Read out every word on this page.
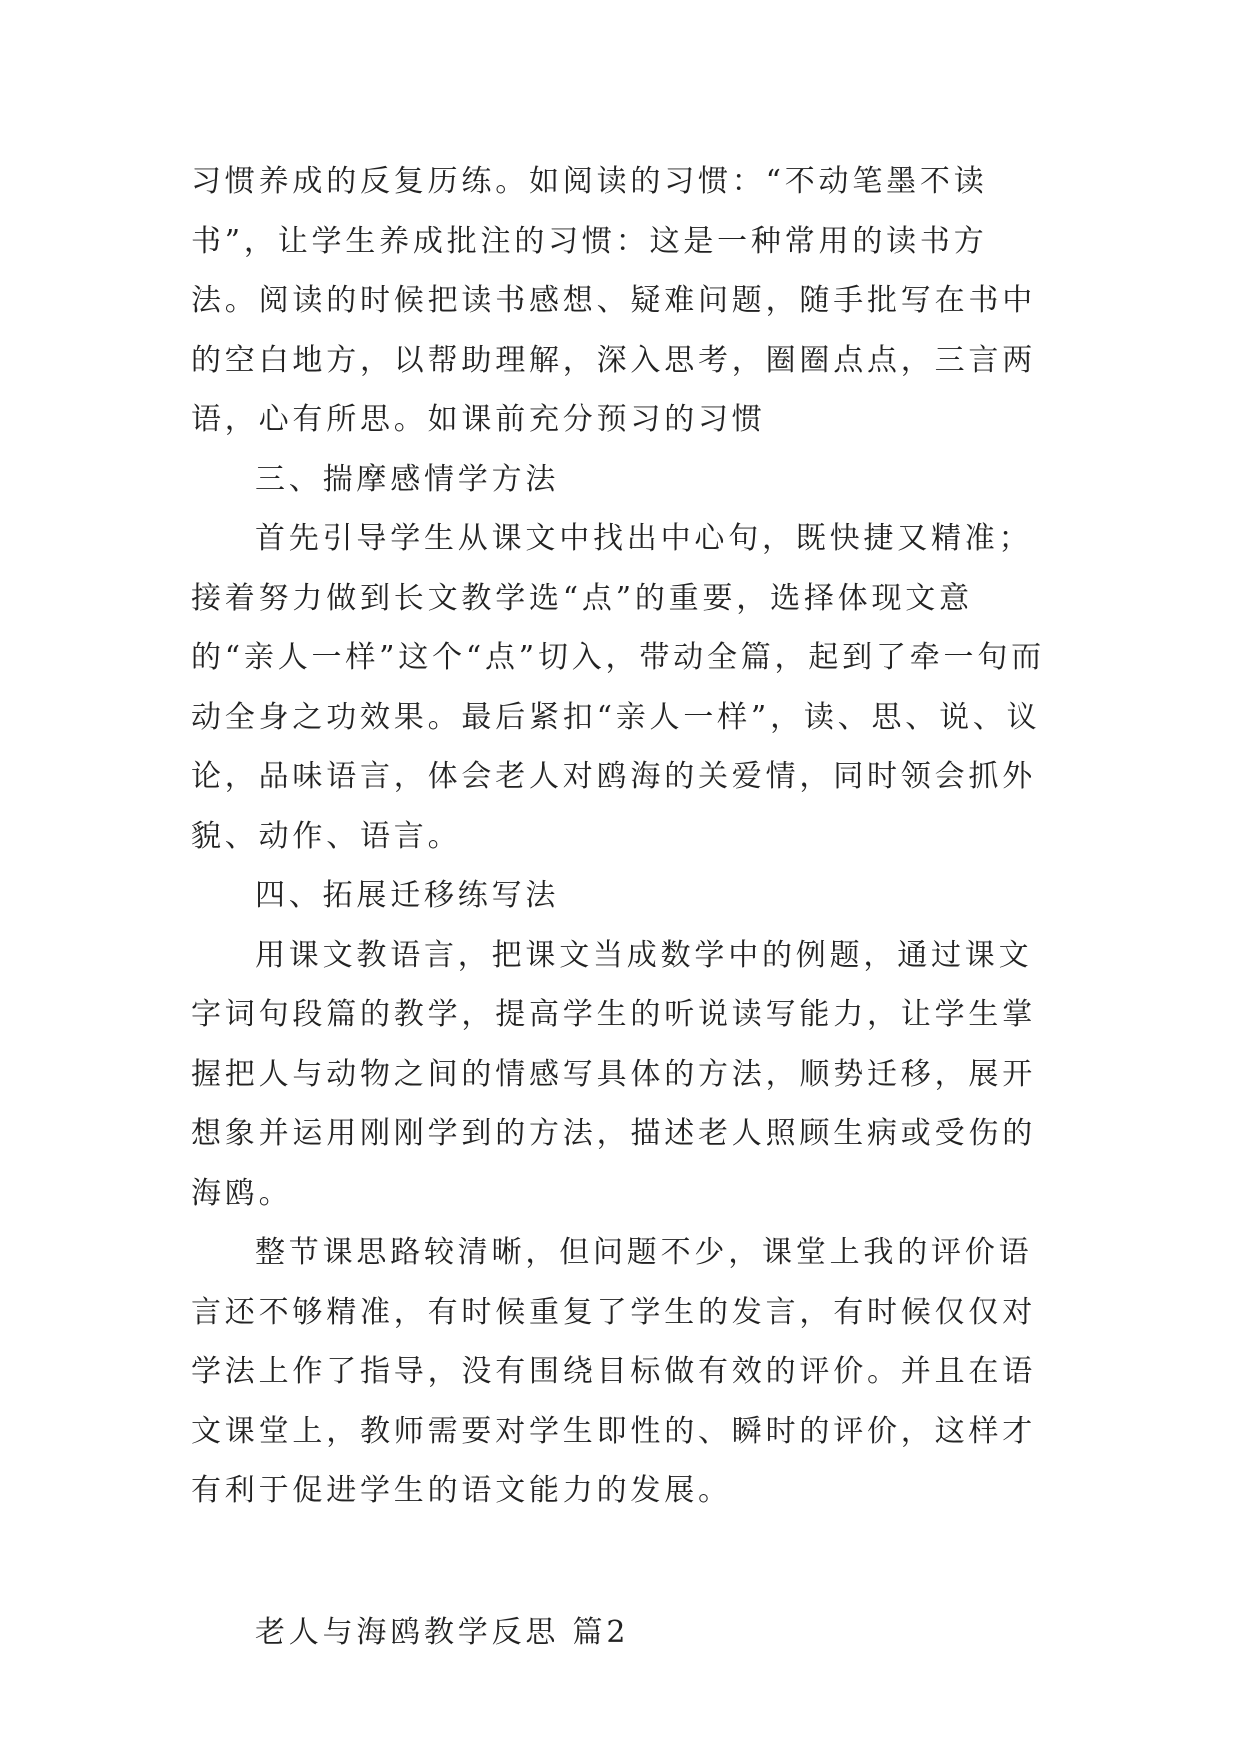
习惯养成的反复历练。如阅读的习惯：“不动笔墨不读书”，让学生养成批注的习惯：这是一种常用的读书方法。阅读的时候把读书感想、疑难问题，随手批写在书中的空白地方，以帮助理解，深入思考，圈圈点点，三言两语，心有所思。如课前充分预习的习惯

三、揣摩感情学方法

首先引导学生从课文中找出中心句，既快捷又精准；接着努力做到长文教学选“点”的重要，选择体现文意的“亲人一样”这个“点”切入，带动全篇，起到了牵一句而动全身之功效果。最后紧扣“亲人一样”，读、思、说、议论，品味语言，体会老人对鸥海的关爱情，同时领会抓外貌、动作、语言。

四、拓展迁移练写法

用课文教语言，把课文当成数学中的例题，通过课文字词句段篇的教学，提高学生的听说读写能力，让学生掌握把人与动物之间的情感写具体的方法，顺势迁移，展开想象并运用刚刚学到的方法，描述老人照顾生病或受伤的海鸥。

整节课思路较清晰，但问题不少，课堂上我的评价语言还不够精准，有时候重复了学生的发言，有时候仅仅对学法上作了指导，没有围绕目标做有效的评价。并且在语文课堂上，教师需要对学生即性的、瞬时的评价，这样才有利于促进学生的语文能力的发展。

老人与海鸥教学反思 篇2
